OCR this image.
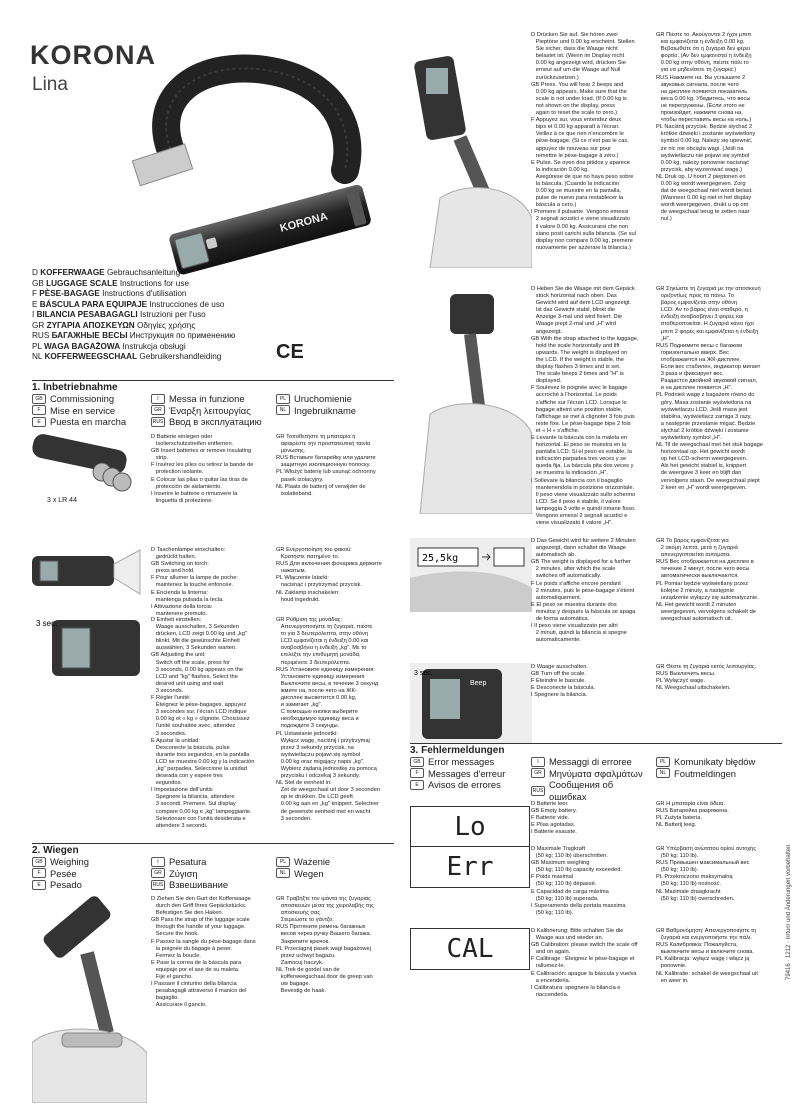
KORONA
Lina
KORONA
D KOFFERWAAGE Gebrauchsanleitung
GB LUGGAGE SCALE Instructions for use
F PÈSE-BAGAGE Instructions d'utilisation
E BÁSCULA PARA EQUIPAJE Instrucciones de uso
I BILANCIA PESABAGAGLI Istruzioni per l'uso
GR ΖΥΓΑΡΙΑ ΑΠΟΣΚΕΥΩΝ Οδηγίες χρήσης
RUS БАГАЖНЫЕ ВЕСЫ Инструкция по применению
PL WAGA BAGAŻOWA Instrukcja obsługi
NL KOFFERWEEGSCHAAL Gebruikershandleiding	CE
1. Inbetriebnahme
GB Commissioning
F	Mise en service
E Puesta en marcha
I	Messa in funzione
GR Έναρξη λειτουργίας
RUS Ввод в эксплуатацию
PL Uruchomienie
NL Ingebruikname
3 x LR 44
D Batterie einlegen oder
Isolierschutzstreifen entfernen.
GB Insert batteries or remove insulating
strip.
F Insérez les piles ou retirez la bande de
protection isolante.
E Colocar las pilas o quitar las tiras de
protección de aislamiento.
I Inserire le batterie o rimuovere la
linguetta di protezione.
GR Τοποθετήστε τη μπαταρία ή
αφαιρέστε την προστατευτική ταινία
μόνωσης.
RUS Вставьте батарейку или удалите
защитную изоляционную полоску.
PL Włożyć baterię lub usunąć ochronny
pasek izolacyjny.
NL Plaats de batterij of verwijder de
isolatieband.
D Taschenlampe einschalten:
gedrückt halten.
GB Switching on torch:
press and hold.
F Pour allumer la lampe de poche:
maintenez la touche enfoncée.
E Encienda la linterna:
mantenga pulsada la tecla.
I Attivazione della torcia:
mantenere premuto.
GR Ενεργοποίηση του φακού:
Κρατήστε πατημένο το.
RUS Для включения фонарика держите
нажатым.
PL Włączenie latarki:
nacisnąć i przytrzymać przycisk.
NL Zaklamp inschakelen:
houd ingedrukt.
3 sec.	D Einheit einstellen:
Waage ausschalten, 3 Sekunden
drücken, LCD zeigt 0.00 kg und „kg"
blinkt. Mit die gewünschte Einheit
auswählen, 3 Sekunden warten.
GB Adjusting the unit:
Switch off the scale, press for
3 seconds, 0.00 kg appears on the
LCD and "kg" flashes. Select the
desired unit using and wait
3 seconds.
F Régler l'unité:
Éteignez le pèse-bagages, appuyez
3 secondes sur, l'écran LCD indique
0.00 kg et « kg » clignote. Choisissez
l'unité souhaitée avec, attendez
3 secondes.
E Ajustar la unidad:
Desconecte la báscula, pulse
durante tres segundos, en la pantalla
LCD se muestra 0.00 kg y la indicación
„kg" parpadea. Seleccione la unidad
deseada con y espere tres
segundos.
I Impostazione dell'unità:
Spegnere la bilancia, attendere
3 secondi. Premere. Sul display
compare 0.00 kg e „kg" lampeggiante.
Selezionare con l'unità desiderata e
attendere 3 secondi.
GR Ρύθμιση της μονάδας:
Απενεργοποιήστε τη ζυγαριά, πιέστε
το για 3 δευτερόλεπτα, στην οθόνη
LCD εμφανίζεται η ένδειξη 0.00 και
αναβοσβήνει η ένδειξη „kg". Με το
επιλέξτε την επιθυμητή μονάδα,
περιμένετε 3 δευτερόλεπτα.
RUS Установите единицу измерения:
Установите единицу измерения
Выключите весы, в течение 3 секунд
жмите на, после чего на ЖК-
дисплее высветится 0.00 kg,
и замигает „kg".
С помощью кнопки выберите
необходимую единицу веса и
подождите 3 секунды.
PL Ustawianie jednostki:
Wyłącz wagę, naciśnij i przytrzymaj
przez 3 sekundy przycisk, na
wyświetlaczu pojawi się symbol
0.00 kg oraz migający napis „kg".
Wybierz żądaną jednostkę za pomocą
przycisku i odczekaj 3 sekundy.
NL Stel de eenheid in:
Zet de weegschaal uit door 3 seconden
op te drukken. De LCD geeft
0.00 kg aan en „kg" knippert. Selecteer
de gewenste eenheid met en wacht
3 seconden.
2. Wiegen
GB Weighing
F	Pesée
E Pesado
I	Pesatura
GR Ζύγιση
RUS Взвешивание
PL Ważenie
NL Wegen
D Ziehen Sie den Gurt der Kofferwaage
durch den Griff Ihres Gepäckstücks.
Befestigen Sie den Haken.
GB Pass the strap of the luggage scale
through the handle of your luggage.
Secure the hook.
F Passez la sangle du pèse-bagage dans
la poignée du bagage à peser.
Fermez la boucle.
E Pase la correa de la báscula para
equipaje por el ase de su maleta.
Fije el gancho.
I Passare il cinturino della bilancia
pesabagagli attraverso il manico del
bagaglio.
Assicurare il gancio.
GR Τραβήξτε τον ιμάντα της ζυγαριάς
αποσκευών μέσα της χειρολαβής της
αποσκευής σας.
Στερεώστε το γάντζο.
RUS Протяните ремень багажных
весов через ручку Вашего багажа.
Закрепите крючок.
PL Przeciągnij pasek wagi bagażowej
przez uchwyt bagażu.
Zamocuj haczyk.
NL Trek de gordel van de
kofferweegschaal door de greep van
uw bagage.
Bevestig de haak.
D Drücken Sie auf. Sie hören zwei
Pieptöne und 0.00 kg erscheint. Stellen
Sie sicher, dass die Waage nicht
belastet ist. (Wenn im Display nicht
0.00 kg angezeigt wird, drücken Sie
erneut auf um die Waage auf Null
zurückzusetzen.)
GB Press. You will hear 2 beeps and
0.00 kg appears. Make sure that the
scale is not under load. (If 0.00 kg is
not shown on the display, press
again to reset the scale to zero.)
F Appuyez sur, vous entendez deux
bips et 0.00 kg apparaît à l'écran.
Veillez à ce que rien n'encombre le
pèse-bagage. (Si ce n'est pas le cas,
appuyez de nouveau sur pour
remettre le pèse-bagage à zéro.)
E Pulse. Se oyen dos pitidos y aparece
la indicación 0.00 kg.
Asegúrese de que no haya peso sobre
la báscula. (Cuando la indicación
0.00 kg se muestre en la pantalla,
pulse de nuevo para restablecer la
báscula a cero.)
I Premere il pulsante. Vengono emessi
2 segnali acustici e viene visualizzato
il valore 0.00 kg. Assicurarsi che non
siano posti carichi sulla bilancia. (Se sul
display non compare 0.00 kg, premere
nuovamente per azzerare la bilancia.)
GR Πιέστε το. Ακούγονται 2 ήχοι μπιπ
και εμφανίζεται η ένδειξη 0.00 kg.
Βεβαιωθείτε ότι η ζυγαριά δεν φέρει
φορτίο. (Αν δεν εμφανιστεί η ένδειξη
0.00 kg στην οθόνη, πιέστε πάλι το
για να μηδενίσετε τη ζυγαριά.)
RUS Нажмите на. Вы услышите 2
звуковых сигнала, после чего
на дисплее появится показатель
веса 0.00 kg. Убедитесь, что весы
не перегружены. (Если этого не
произойдет, нажмите снова на,
чтобы переставить весы на ноль.)
PL Naciśnij przycisk. Będzie słychać 2
krótkie dźwięki i zostanie wyświetlony
symbol 0.00 kg. Należy się upewnić,
że nic nie obciąża wagi. (Jeśli na
wyświetlaczu nie pojawi się symbol
0.00 kg, należy ponownie nacisnąć
przycisk, aby wyzerować wagę.)
NL Druk op. U hoort 2 pieptonen en
0.00 kg wordt weergegeven. Zorg
dat de weegschaal niet wordt belast.
(Wanneer 0.00 kg niet in het display
wordt weergegeven, drukt u op om
de weegschaal terug te zetten naar
nul.)
D Heben Sie die Waage mit dem Gepäck
stück horizontal nach oben. Das
Gewicht wird auf dem LCD angezeigt.
Ist das Gewicht stabil, blinkt die
Anzeige 3-mal und wird fixiert. Die
Waage piept 2-mal und „H" wird
angezeigt.
GB With the strap attached to the luggage,
hold the scale horizontally and lift
upwards. The weight is displayed on
the LCD. If the weight is stable, the
display flashes 3 times and is set.
The scale beeps 2 times and "H" is
displayed.
F Soulevez le poignée avec le bagage
accroché à l'horizontal. Le poids
s'affiche sur l'écran LCD. Lorsque le
bagage atteint une position stable,
l'affichage se met à clignoter 3 fois puis
reste fixe. Le pèse-bagage bipe 2 fois
et « H » s'affiche.
E Levante la báscula con la maleta en
horizontal. El peso se muestra en la
pantalla LCD. Si el peso es estable, la
indicación parpadea tres veces y se
queda fija. La báscula pita dos veces y
se muestra la indicación „H".
I Sollevare la bilancia con il bagaglio
mantenendola in posizione orizzontale.
Il peso viene visualizzato sullo schermo
LCD. Se il peso è stabile, il valore
lampeggia 3 volte e quindi rimane fisso.
Vengono emessi 2 segnali acustici e
viene visualizzato il valore „H".
GR Σηκώστε τη ζυγαριά με την αποσκευή
οριζοντίως προς τα πάνω. Το
βάρος εμφανίζεται στην οθόνη
LCD. Αν το βάρος είναι σταθερό, η
ένδειξη αναβοσβήνει 3 φορές και
σταθεροποιείται. Η ζυγαριά κάνει ήχο
μπιπ 2 φορές και εμφανίζεται η ένδειξη
„H".
RUS Поднимите весы с багажом
горизонтально вверх. Вес
отображается на ЖК-дисплее.
Если вес стабилен, индикатор мигает
3 раза и фиксирует вес.
Раздастся двойной звуковой сигнал,
и на дисплее появится „H".
PL Podnieś wagę z bagażem równo do
góry. Masa zostanie wyświetlona na
wyświetlaczu LCD. Jeśli masa jest
stabilna, wyświetlacz zamiga 3 razy,
a następnie przestanie migać. Będzie
słychać 2 krótkie dźwięki i zostanie
wyświetlony symbol „H".
NL Til de weegschaal met het stuk bagage
horizontaal op. Het gewicht wordt
op het LCD-scherm weergegeven.
Als het gewicht stabiel is, knippert
de weergave 3 keer en blijft dan
vervolgens staan. De weegschaal piept
2 keer en „H" wordt weergegeven.
25,5kg
D Das Gewicht wird für weitere 2 Minuten
angezeigt, dann schaltet die Waage
automatisch ab.
GB The weight is displayed for a further
2 minutes, after which the scale
switches off automatically.
F Le poids s'affiche encore pendant
2 minutes, puis le pèse-bagage s'éteint
automatiquement.
E El peso se muestra durante dos
minutos y después la báscula se apaga
de forma automática.
I Il peso viene visualizzato per altri
2 minuti, quindi la bilancia si spegne
automaticamente.
GR Το βάρος εμφανίζεται για
2 ακόμη λεπτά, μετά η ζυγαριά
απενεργοποιείται αυτόματα.
RUS Вес отображается на дисплее в
течение 2 минут, после чего весы
автоматически выключаются.
PL Pomiar będzie wyświetlany przez
kolejne 2 minuty, a następnie
urządzenie wyłączy się automatycznie.
NL Het gewicht wordt 2 minuten
weergegeven, vervolgens schakelt de
weegschaal automatisch uit.
3 sec.
Beep
D Waage ausschalten.
GB Turn off the scale.
F Éteindre le bascule.
E Desconecte la báscula.
I Spegnere la bilancia.
GR Θέστε τη ζυγαριά εκτός λειτουργίας.
RUS Выключить весы.
PL Wyłączyć wagę.
NL Weegschaal uitschakelen.
3. Fehlermeldungen
GB Error messages
F	Messages d'erreur
E Avisos de errores
I	Messaggi di erroree
GR Μηνύματα σφαλμάτων
RUS
Сообщения об ошибках
PL Komunikaty błędów
NL Foutmeldingen
Lo
D Batterie leer.
GB Empty battery.
F Batterie vide.
E Pilas agotadas.
I Batterie esauste.
GR Η μπαταρία είναι άδεια.
RUS Батарейка разряжена.
PL Zużyta bateria.
NL Batterij leeg.
Err
D Maximale Tragkraft
(50 kg; 110 lb) überschritten.
GB Maximum weighing
(50 kg; 110 lb) capacity exceeded.
F Poids maximal
(50 kg; 110 lb) dépassé.
E Capacidad de carga máxima
(50 kg; 110 lb) superada.
I Superamento della portata massima
(50 kg; 110 lb).
GR Υπέρβαση ανώτατου ορίου αντοχής
(50 kg; 110 lb).
RUS Превышен максимальный вес
(50 kg; 110 lb).
PL Przekroczono maksymalną
(50 kg; 110 lb) nośność.
NL Maximale draagkracht
(50 kg; 110 lb) overschreden.
CAL
D Kalibrierung: Bitte schalten Sie die
Waage aus und wieder an.
GB Calibration: please switch the scale off
and on again.
F Calibrage : Éteignez le pèse-bagage et
rallumez-le.
E Calibración: apague la báscula y vuelva
a encenderla.
I Calibratura: spegnere la bilancia e
riaccenderla.
GR Βαθμονόμηση: Απενεργοποιήστε τη
ζυγαριά και ενεργοποιήστε την πάλι.
RUS Калибровка: Пожалуйста,
выключите весы и включите снова.
PL Kalibracja: wyłącz wagę i włącz ją
ponownie.
NL Kalibratie: schakel de weegschaal uit
en weer in.
79416 · 1212 · Irrtum und Änderungen vorbehalten
